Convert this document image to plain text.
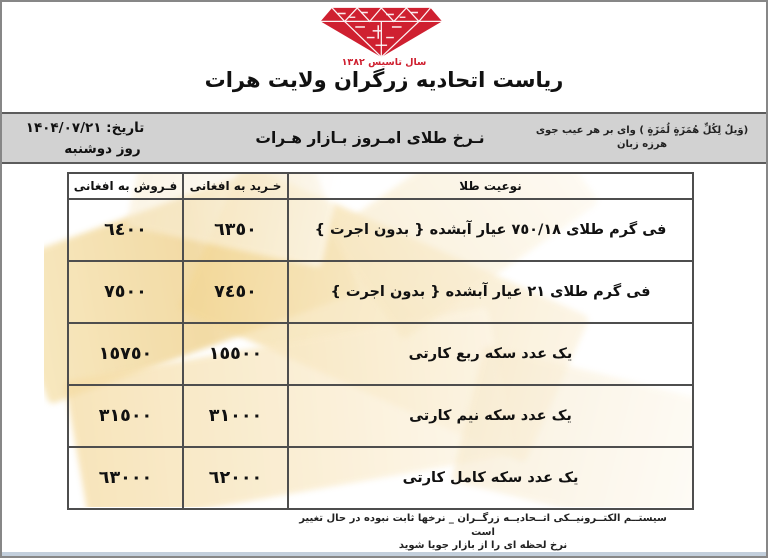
سال تاسیس ۱۳۸۲
ریاست اتحادیه زرگران ولایت هرات
(وَیلٌ لِکُلِّ هُمَزَةٍ لُمَزَةٍ ) وای بر هر عیب جوی هرزه زبان
نـرخ طلای امـروز بـازار هـرات
تاریخ: ۱۴۰۴/۰۷/۲۱
روز دوشنبه
نوعیت طلا	خـرید به افغانی	فـروش به افغانی
فی گرم طلای ٧٥٠/١٨ عیار آبشده { بدون اجرت }	٦٣٥٠	٦٤٠٠
فی گرم طلای ٢١ عیار آبشده { بدون اجرت }	٧٤٥٠	٧٥٠٠
یک عدد سکه ربع کارتی	١٥٥٠٠	١٥٧٥٠
یک عدد سکه نیم کارتی	٣١٠٠٠	٣١٥٠٠
یک عدد سکه کامل کارتی	٦٢٠٠٠	٦٣٠٠٠
سیستــم الکتــرونیــکی اتــحادیــه زرگــران _ نرخها ثابت نبوده در حال تغییر است
نرخ لحظه ای را از بازار جویا شوید
